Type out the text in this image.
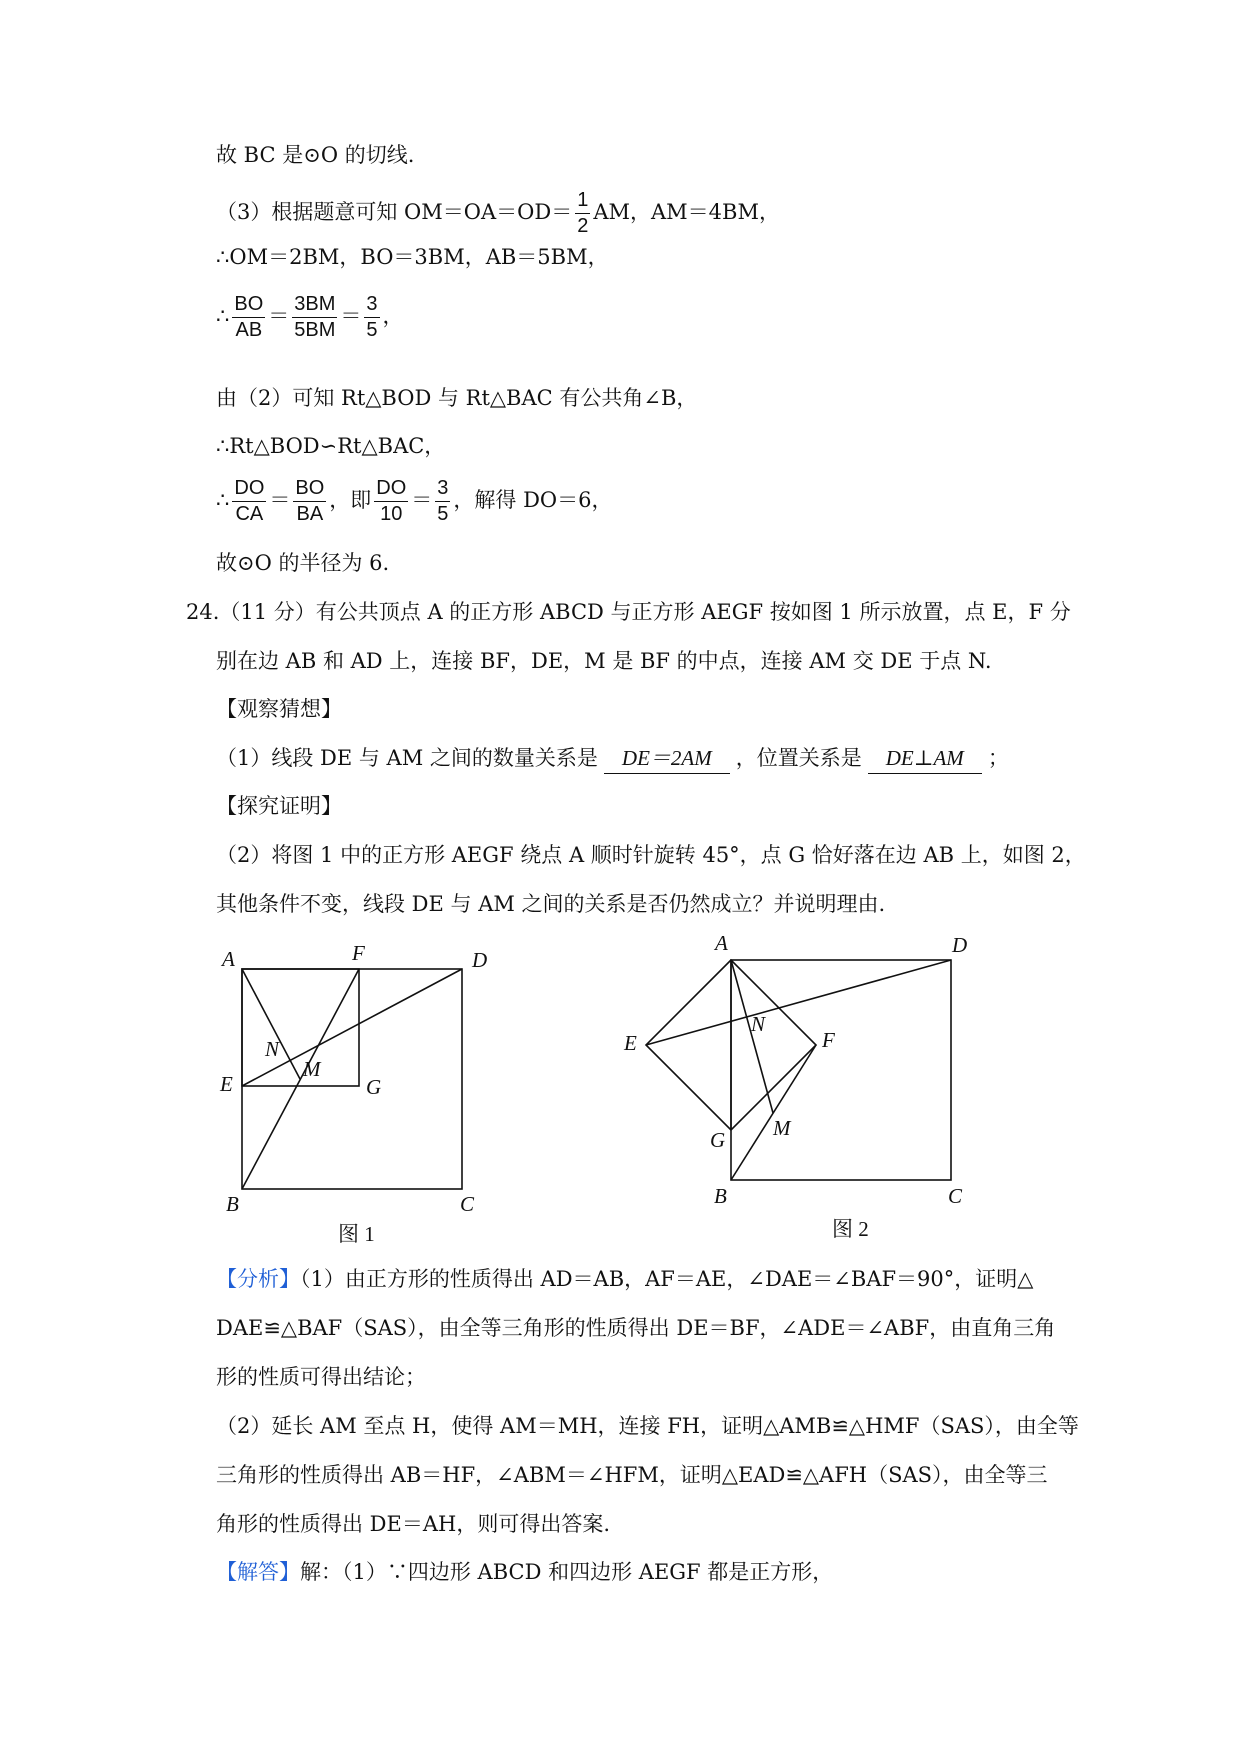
故 BC 是⊙O 的切线.
（3）根据题意可知 $OM=OA=OD= \frac{1}{2}$ AM，AM＝4BM，
∴OM＝2BM，BO＝3BM，AB＝5BM，
∴ $\frac{BO}{AB} = \frac{3BM}{5BM} = \frac{3}{5}$ ，
由（2）可知 Rt△BOD 与 Rt△BAC 有公共角∠B，
∴Rt△BOD∽Rt△BAC，
∴ $\frac{DO}{CA} = \frac{BO}{BA}$ ，即 $\frac{DO}{10} = \frac{3}{5}$ ，解得 DO＝6，
故⊙O 的半径为 6.
24.（11 分）有公共顶点 A 的正方形 ABCD 与正方形 AEGF 按如图 1 所示放置，点 E，F 分
别在边 AB 和 AD 上，连接 BF，DE，M 是 BF 的中点，连接 AM 交 DE 于点 N.
【观察猜想】
（1）线段 DE 与 AM 之间的数量关系是 DE＝2AM ，位置关系是 DE⊥AM ；
【探究证明】
（2）将图 1 中的正方形 AEGF 绕点 A 顺时针旋转 45°，点 G 恰好落在边 AB 上，如图 2，
其他条件不变，线段 DE 与 AM 之间的关系是否仍然成立？并说明理由.
A	F	D
N
E
M
G
B	C
图 1
A	D
N
E	F
M
G
B	C
图 2
【分析】（1）由正方形的性质得出 AD＝AB，AF＝AE，∠DAE＝∠BAF＝90°，证明△
DAE≌△BAF（SAS），由全等三角形的性质得出 DE＝BF，∠ADE＝∠ABF，由直角三角
形的性质可得出结论；
（2）延长 AM 至点 H，使得 AM＝MH，连接 FH，证明△AMB≌△HMF（SAS），由全等
三角形的性质得出 AB＝HF，∠ABM＝∠HFM，证明△EAD≌△AFH（SAS），由全等三
角形的性质得出 DE＝AH，则可得出答案.
【解答】解：（1）∵四边形 ABCD 和四边形 AEGF 都是正方形，
